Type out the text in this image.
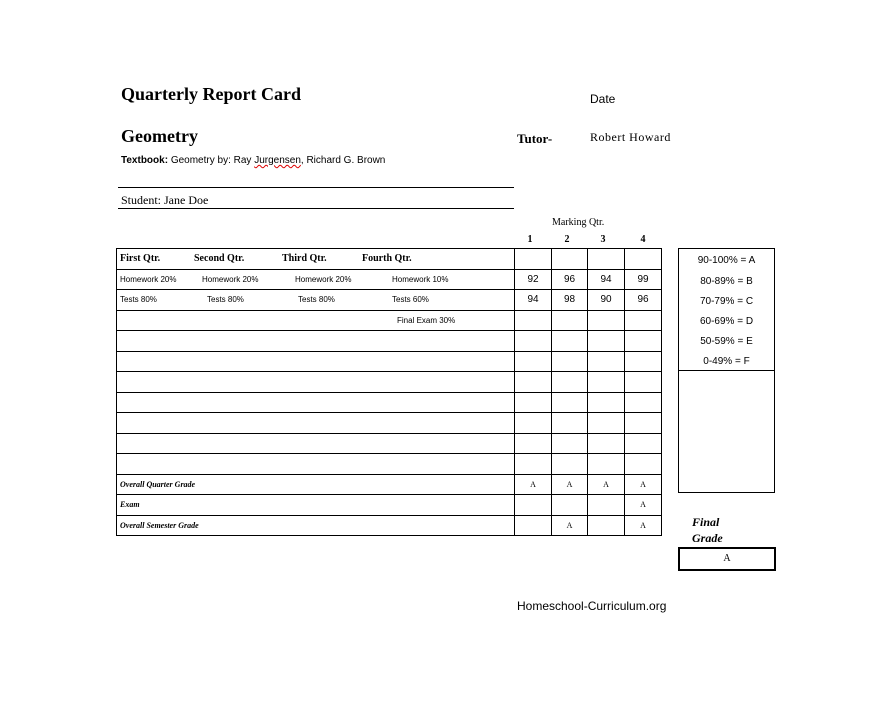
Quarterly Report Card	Date
Geometry	Tutor-	Robert Howard
Textbook: Geometry by: Ray Jurgensen, Richard G. Brown
Student: Jane Doe
Marking Qtr.
1	2	3	4
First Qtr. Second Qtr. Third Qtr. Fourth Qtr.				

Homework 20% Homework 20% Homework 20% Homework 10%	92	96	94	99

Tests 80% Tests 80% Tests 80% Tests 60%	94	98	90	96

Final Exam 30%				

Overall Quarter Grade	A	A	A	A
Exam				A
Overall Semester Grade		A		A
90-100% = A
80-89% = B
70-79% = C
60-69% = D
50-59% = E
0-49% = F
Final
Grade
A
Homeschool-Curriculum.org
